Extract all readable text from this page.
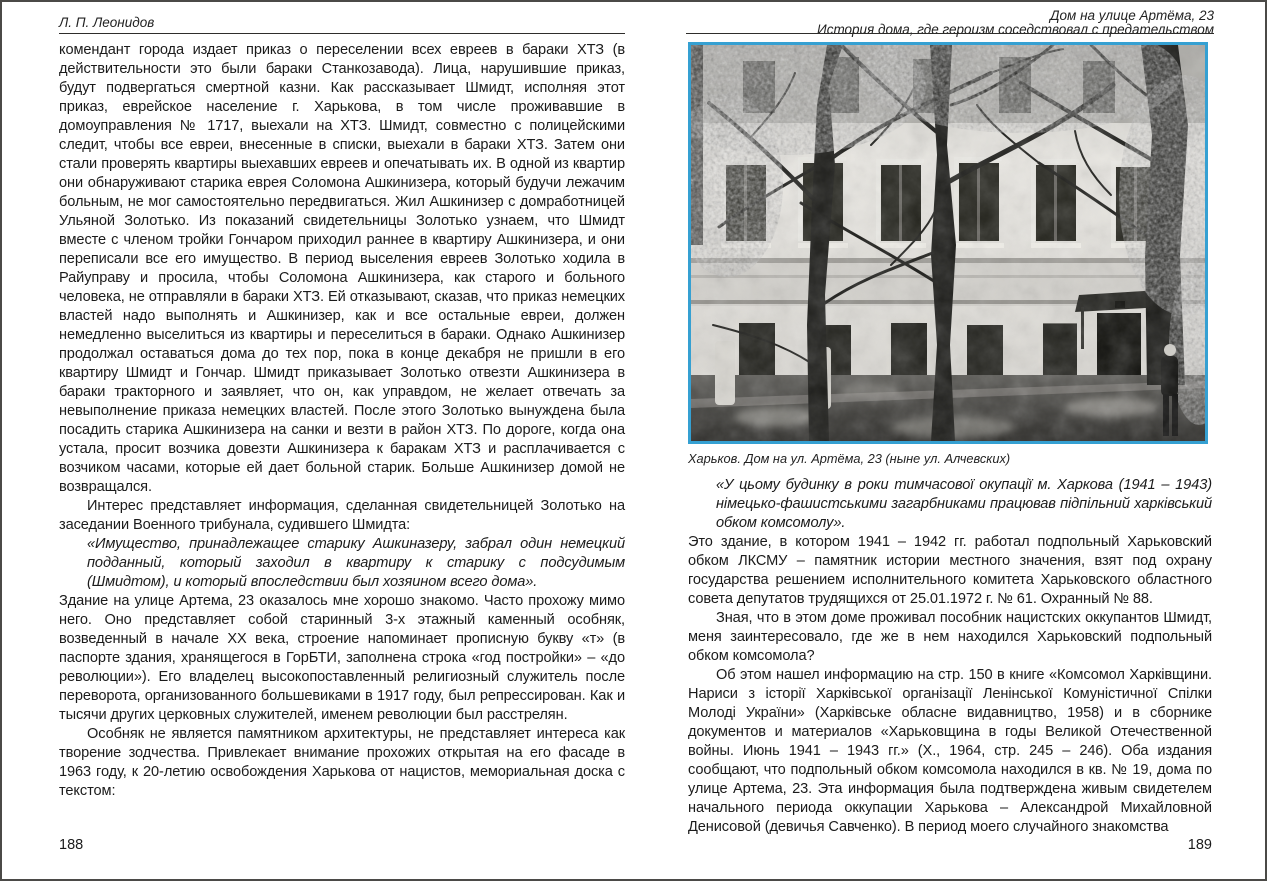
Л. П. Леонидов

комендант города издает приказ о переселении всех евреев в бараки ХТЗ (в действительности это были бараки Станкозавода). Лица, нарушившие приказ, будут подвергаться смертной казни. Как рассказывает Шмидт, исполняя этот приказ, еврейское население г. Харькова, в том числе проживавшие в домоуправления № 1717, выехали на ХТЗ. Шмидт, совместно с полицейскими следит, чтобы все евреи, внесенные в списки, выехали в бараки ХТЗ. Затем они стали проверять квартиры выехавших евреев и опечатывать их. В одной из квартир они обнаруживают старика еврея Соломона Ашкинизера, который будучи лежачим больным, не мог самостоятельно передвигаться. Жил Ашкинизер с домработницей Ульяной Золотько. Из показаний свидетельницы Золотько узнаем, что Шмидт вместе с членом тройки Гончаром приходил раннее в квартиру Ашкинизера, и они переписали все его имущество. В период выселения евреев Золотько ходила в Райуправу и просила, чтобы Соломона Ашкинизера, как старого и больного человека, не отправляли в бараки ХТЗ. Ей отказывают, сказав, что приказ немецких властей надо выполнять и Ашкинизер, как и все остальные евреи, должен немедленно выселиться из квартиры и переселиться в бараки. Однако Ашкинизер продолжал оставаться дома до тех пор, пока в конце декабря не пришли в его квартиру Шмидт и Гончар. Шмидт приказывает Золотько отвезти Ашкинизера в бараки тракторного и заявляет, что он, как управдом, не желает отвечать за невыполнение приказа немецких властей. После этого Золотько вынуждена была посадить старика Ашкинизера на санки и везти в район ХТЗ. По дороге, когда она устала, просит возчика довезти Ашкинизера к баракам ХТЗ и расплачивается с возчиком часами, которые ей дает больной старик. Больше Ашкинизер домой не возвращался.

Интерес представляет информация, сделанная свидетельницей Золотько на заседании Военного трибунала, судившего Шмидта:

«Имущество, принадлежащее старику Ашкиназеру, забрал один немецкий подданный, который заходил в квартиру к старику с подсудимым (Шмидтом), и который впоследствии был хозяином всего дома».

Здание на улице Артема, 23 оказалось мне хорошо знакомо. Часто прохожу мимо него. Оно представляет собой старинный 3-х этажный каменный особняк, возведенный в начале ХХ века, строение напоминает прописную букву «т» (в паспорте здания, хранящегося в ГорБТИ, заполнена строка «год постройки» – «до революции»). Его владелец высокопоставленный религиозный служитель после переворота, организованного большевиками в 1917 году, был репрессирован. Как и тысячи других церковных служителей, именем революции был расстрелян.

Особняк не является памятником архитектуры, не представляет интереса как творение зодчества. Привлекает внимание прохожих открытая на его фасаде в 1963 году, к 20-летию освобождения Харькова от нацистов, мемориальная доска с текстом:

188
Дом на улице Артёма, 23
История дома, где героизм соседствовал с предательством
Харьков. Дом на ул. Артёма, 23 (ныне ул. Алчевских)

«У цьому будинку в роки тимчасової окупації м. Харкова (1941 – 1943) німецько-фашистськими загарбниками працював підпільний харківський обком комсомолу».

Это здание, в котором 1941 – 1942 гг. работал подпольный Харьковский обком ЛКСМУ – памятник истории местного значения, взят под охрану государства решением исполнительного комитета Харьковского областного совета депутатов трудящихся от 25.01.1972 г. № 61. Охранный № 88.

Зная, что в этом доме проживал пособник нацистских оккупантов Шмидт, меня заинтересовало, где же в нем находился Харьковский подпольный обком комсомола?

Об этом нашел информацию на стр. 150 в книге «Комсомол Харківщини. Нариси з історії Харківської організації Ленінської Комуністичної Спілки Молоді України» (Харківське обласне видавництво, 1958) и в сборнике документов и материалов «Харьковщина в годы Великой Отечественной войны. Июнь 1941 – 1943 гг.» (Х., 1964, стр. 245 – 246). Оба издания сообщают, что подпольный обком комсомола находился в кв. № 19, дома по улице Артема, 23. Эта информация была подтверждена живым свидетелем начального периода оккупации Харькова – Александрой Михайловной Денисовой (девичья Савченко). В период моего случайного знакомства

189
